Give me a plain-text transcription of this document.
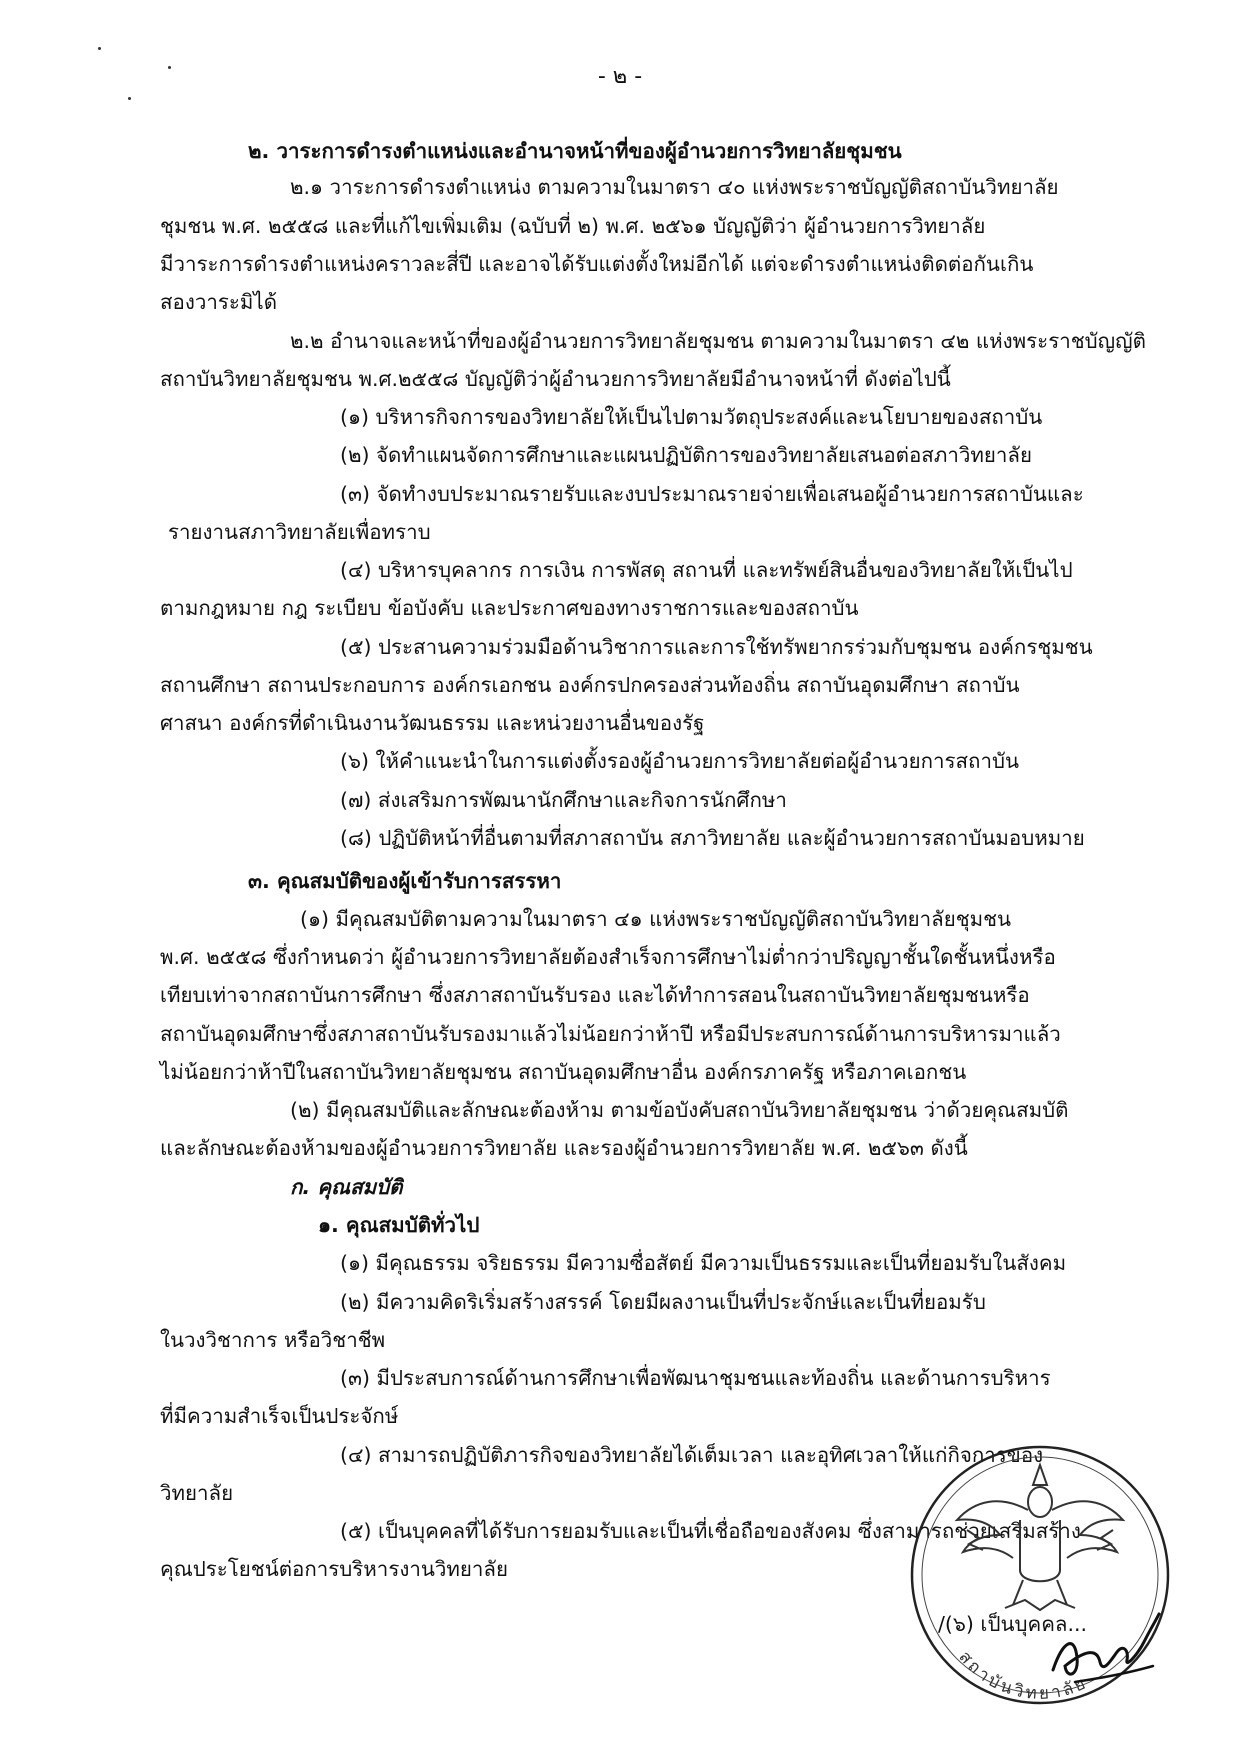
- ๒ -
๒. วาระการดำรงตำแหน่งและอำนาจหน้าที่ของผู้อำนวยการวิทยาลัยชุมชน
๒.๑ วาระการดำรงตำแหน่ง ตามความในมาตรา ๔๐ แห่งพระราชบัญญัติสถาบันวิทยาลัย
ชุมชน พ.ศ. ๒๕๕๘ และที่แก้ไขเพิ่มเติม (ฉบับที่ ๒) พ.ศ. ๒๕๖๑ บัญญัติว่า ผู้อำนวยการวิทยาลัย
มีวาระการดำรงตำแหน่งคราวละสี่ปี และอาจได้รับแต่งตั้งใหม่อีกได้ แต่จะดำรงตำแหน่งติดต่อกันเกิน
สองวาระมิได้
๒.๒ อำนาจและหน้าที่ของผู้อำนวยการวิทยาลัยชุมชน ตามความในมาตรา ๔๒ แห่งพระราชบัญญัติ
สถาบันวิทยาลัยชุมชน พ.ศ.๒๕๕๘ บัญญัติว่าผู้อำนวยการวิทยาลัยมีอำนาจหน้าที่ ดังต่อไปนี้
(๑) บริหารกิจการของวิทยาลัยให้เป็นไปตามวัตถุประสงค์และนโยบายของสถาบัน
(๒) จัดทำแผนจัดการศึกษาและแผนปฏิบัติการของวิทยาลัยเสนอต่อสภาวิทยาลัย
(๓) จัดทำงบประมาณรายรับและงบประมาณรายจ่ายเพื่อเสนอผู้อำนวยการสถาบันและ
รายงานสภาวิทยาลัยเพื่อทราบ
(๔) บริหารบุคลากร การเงิน การพัสดุ สถานที่ และทรัพย์สินอื่นของวิทยาลัยให้เป็นไป
ตามกฎหมาย กฎ ระเบียบ ข้อบังคับ และประกาศของทางราชการและของสถาบัน
(๕) ประสานความร่วมมือด้านวิชาการและการใช้ทรัพยากรร่วมกับชุมชน องค์กรชุมชน
สถานศึกษา สถานประกอบการ องค์กรเอกชน องค์กรปกครองส่วนท้องถิ่น สถาบันอุดมศึกษา สถาบัน
ศาสนา องค์กรที่ดำเนินงานวัฒนธรรม และหน่วยงานอื่นของรัฐ
(๖) ให้คำแนะนำในการแต่งตั้งรองผู้อำนวยการวิทยาลัยต่อผู้อำนวยการสถาบัน
(๗) ส่งเสริมการพัฒนานักศึกษาและกิจการนักศึกษา
(๘) ปฏิบัติหน้าที่อื่นตามที่สภาสถาบัน สภาวิทยาลัย และผู้อำนวยการสถาบันมอบหมาย
๓. คุณสมบัติของผู้เข้ารับการสรรหา
(๑) มีคุณสมบัติตามความในมาตรา ๔๑ แห่งพระราชบัญญัติสถาบันวิทยาลัยชุมชน
พ.ศ. ๒๕๕๘ ซึ่งกำหนดว่า ผู้อำนวยการวิทยาลัยต้องสำเร็จการศึกษาไม่ต่ำกว่าปริญญาชั้นใดชั้นหนึ่งหรือ
เทียบเท่าจากสถาบันการศึกษา ซึ่งสภาสถาบันรับรอง และได้ทำการสอนในสถาบันวิทยาลัยชุมชนหรือ
สถาบันอุดมศึกษาซึ่งสภาสถาบันรับรองมาแล้วไม่น้อยกว่าห้าปี หรือมีประสบการณ์ด้านการบริหารมาแล้ว
ไม่น้อยกว่าห้าปีในสถาบันวิทยาลัยชุมชน สถาบันอุดมศึกษาอื่น องค์กรภาครัฐ หรือภาคเอกชน
(๒) มีคุณสมบัติและลักษณะต้องห้าม ตามข้อบังคับสถาบันวิทยาลัยชุมชน ว่าด้วยคุณสมบัติ
และลักษณะต้องห้ามของผู้อำนวยการวิทยาลัย และรองผู้อำนวยการวิทยาลัย พ.ศ. ๒๕๖๓ ดังนี้
ก. คุณสมบัติ
๑. คุณสมบัติทั่วไป
(๑) มีคุณธรรม จริยธรรม มีความซื่อสัตย์ มีความเป็นธรรมและเป็นที่ยอมรับในสังคม
(๒) มีความคิดริเริ่มสร้างสรรค์ โดยมีผลงานเป็นที่ประจักษ์และเป็นที่ยอมรับ
ในวงวิชาการ หรือวิชาชีพ
(๓) มีประสบการณ์ด้านการศึกษาเพื่อพัฒนาชุมชนและท้องถิ่น และด้านการบริหาร
ที่มีความสำเร็จเป็นประจักษ์
(๔) สามารถปฏิบัติภารกิจของวิทยาลัยได้เต็มเวลา และอุทิศเวลาให้แก่กิจการของ
วิทยาลัย
(๕) เป็นบุคคลที่ได้รับการยอมรับและเป็นที่เชื่อถือของสังคม ซึ่งสามารถช่วยเสริมสร้าง
คุณประโยชน์ต่อการบริหารงานวิทยาลัย
สถาบันวิทยาลัย
/(๖) เป็นบุคคล...
